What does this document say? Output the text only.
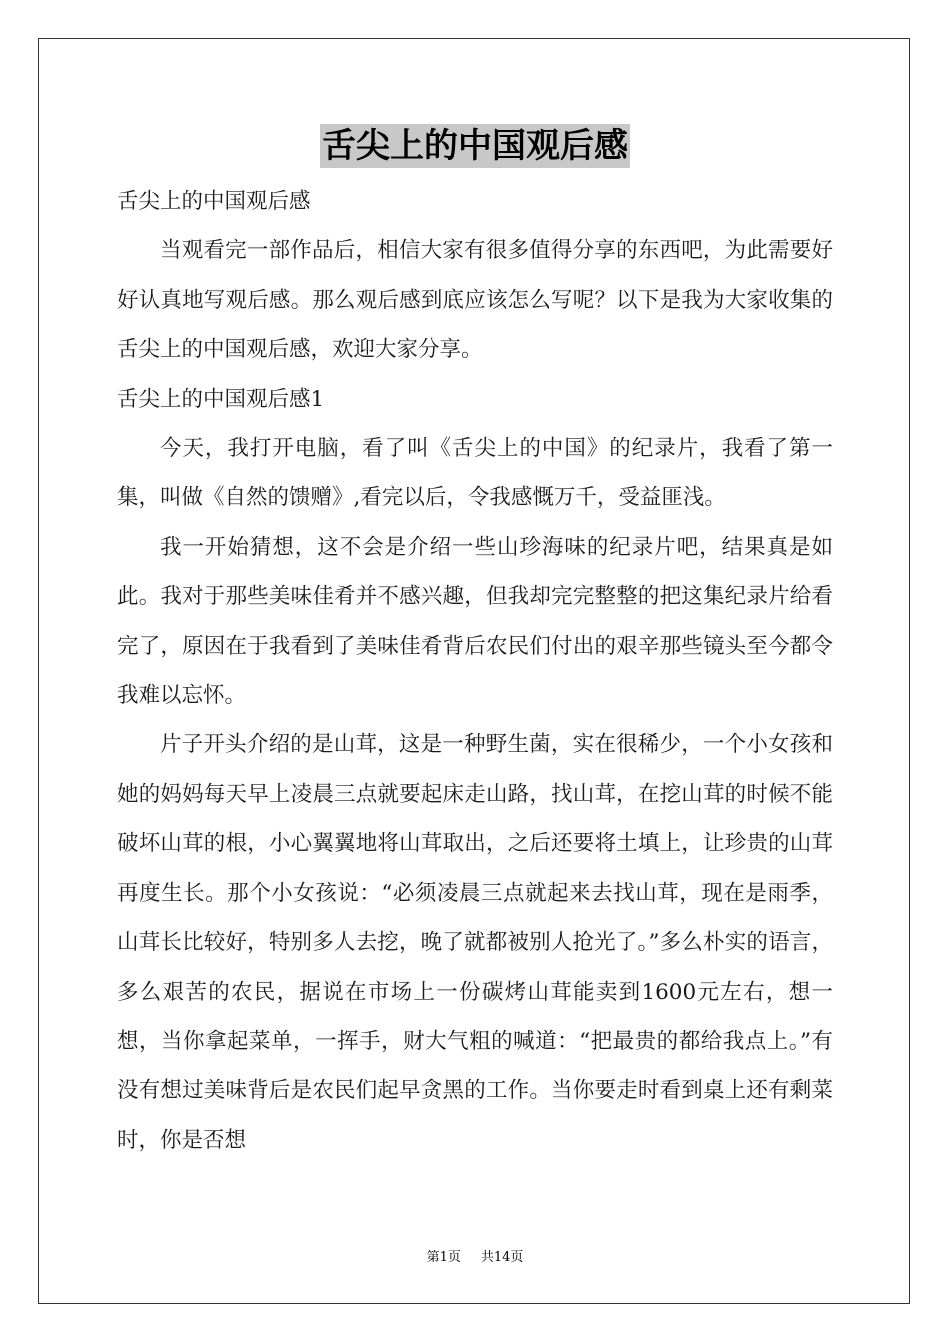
舌尖上的中国观后感

舌尖上的中国观后感

当观看完一部作品后，相信大家有很多值得分享的东西吧，为此需要好好认真地写观后感。那么观后感到底应该怎么写呢？以下是我为大家收集的舌尖上的中国观后感，欢迎大家分享。

舌尖上的中国观后感1

今天，我打开电脑，看了叫《舌尖上的中国》的纪录片，我看了第一集，叫做《自然的馈赠》,看完以后，令我感慨万千，受益匪浅。

我一开始猜想，这不会是介绍一些山珍海味的纪录片吧，结果真是如此。我对于那些美味佳肴并不感兴趣，但我却完完整整的把这集纪录片给看完了，原因在于我看到了美味佳肴背后农民们付出的艰辛那些镜头至今都令我难以忘怀。

片子开头介绍的是山茸，这是一种野生菌，实在很稀少，一个小女孩和她的妈妈每天早上凌晨三点就要起床走山路，找山茸，在挖山茸的时候不能破坏山茸的根，小心翼翼地将山茸取出，之后还要将土填上，让珍贵的山茸再度生长。那个小女孩说：“必须凌晨三点就起来去找山茸，现在是雨季，山茸长比较好，特别多人去挖，晚了就都被别人抢光了。”多么朴实的语言，多么艰苦的农民，据说在市场上一份碳烤山茸能卖到1600元左右，想一想，当你拿起菜单，一挥手，财大气粗的喊道：“把最贵的都给我点上。”有没有想过美味背后是农民们起早贪黑的工作。当你要走时看到桌上还有剩菜时，你是否想

第1页 共14页
